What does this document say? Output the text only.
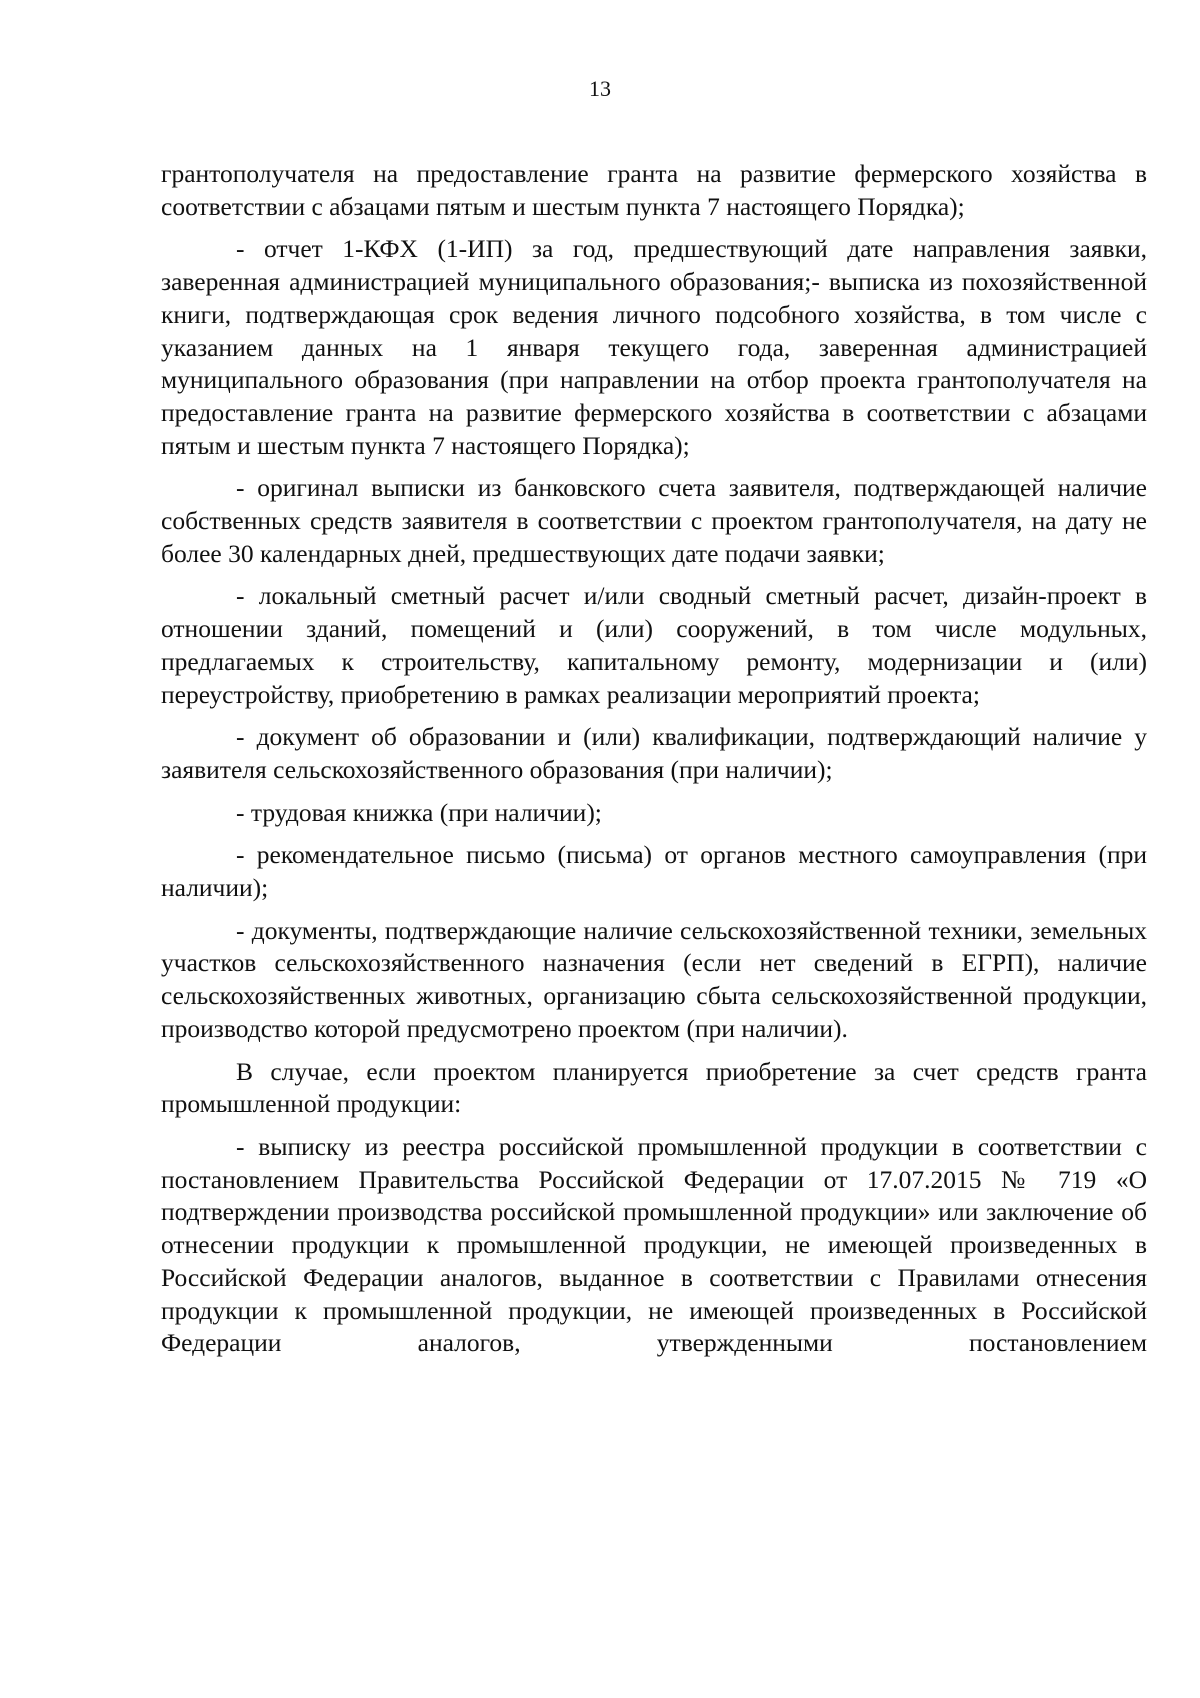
13

грантополучателя на предоставление гранта на развитие фермерского хозяйства в соответствии с абзацами пятым и шестым пункта 7 настоящего Порядка);

- отчет 1-КФХ (1-ИП) за год, предшествующий дате направления заявки, заверенная администрацией муниципального образования;- выписка из похозяйственной книги, подтверждающая срок ведения личного подсобного хозяйства, в том числе с указанием данных на 1 января текущего года, заверенная администрацией муниципального образования (при направлении на отбор проекта грантополучателя на предоставление гранта на развитие фермерского хозяйства в соответствии с абзацами пятым и шестым пункта 7 настоящего Порядка);

- оригинал выписки из банковского счета заявителя, подтверждающей наличие собственных средств заявителя в соответствии с проектом грантополучателя, на дату не более 30 календарных дней, предшествующих дате подачи заявки;

- локальный сметный расчет и/или сводный сметный расчет, дизайн-проект в отношении зданий, помещений и (или) сооружений, в том числе модульных, предлагаемых к строительству, капитальному ремонту, модернизации и (или) переустройству, приобретению в рамках реализации мероприятий проекта;

- документ об образовании и (или) квалификации, подтверждающий наличие у заявителя сельскохозяйственного образования (при наличии);

- трудовая книжка (при наличии);

- рекомендательное письмо (письма) от органов местного самоуправления (при наличии);

- документы, подтверждающие наличие сельскохозяйственной техники, земельных участков сельскохозяйственного назначения (если нет сведений в ЕГРП), наличие сельскохозяйственных животных, организацию сбыта сельскохозяйственной продукции, производство которой предусмотрено проектом (при наличии).

В случае, если проектом планируется приобретение за счет средств гранта промышленной продукции:

- выписку из реестра российской промышленной продукции в соответствии с постановлением Правительства Российской Федерации от 17.07.2015 № 719 «О подтверждении производства российской промышленной продукции» или заключение об отнесении продукции к промышленной продукции, не имеющей произведенных в Российской Федерации аналогов, выданное в соответствии с Правилами отнесения продукции к промышленной продукции, не имеющей произведенных в Российской Федерации аналогов, утвержденными постановлением
